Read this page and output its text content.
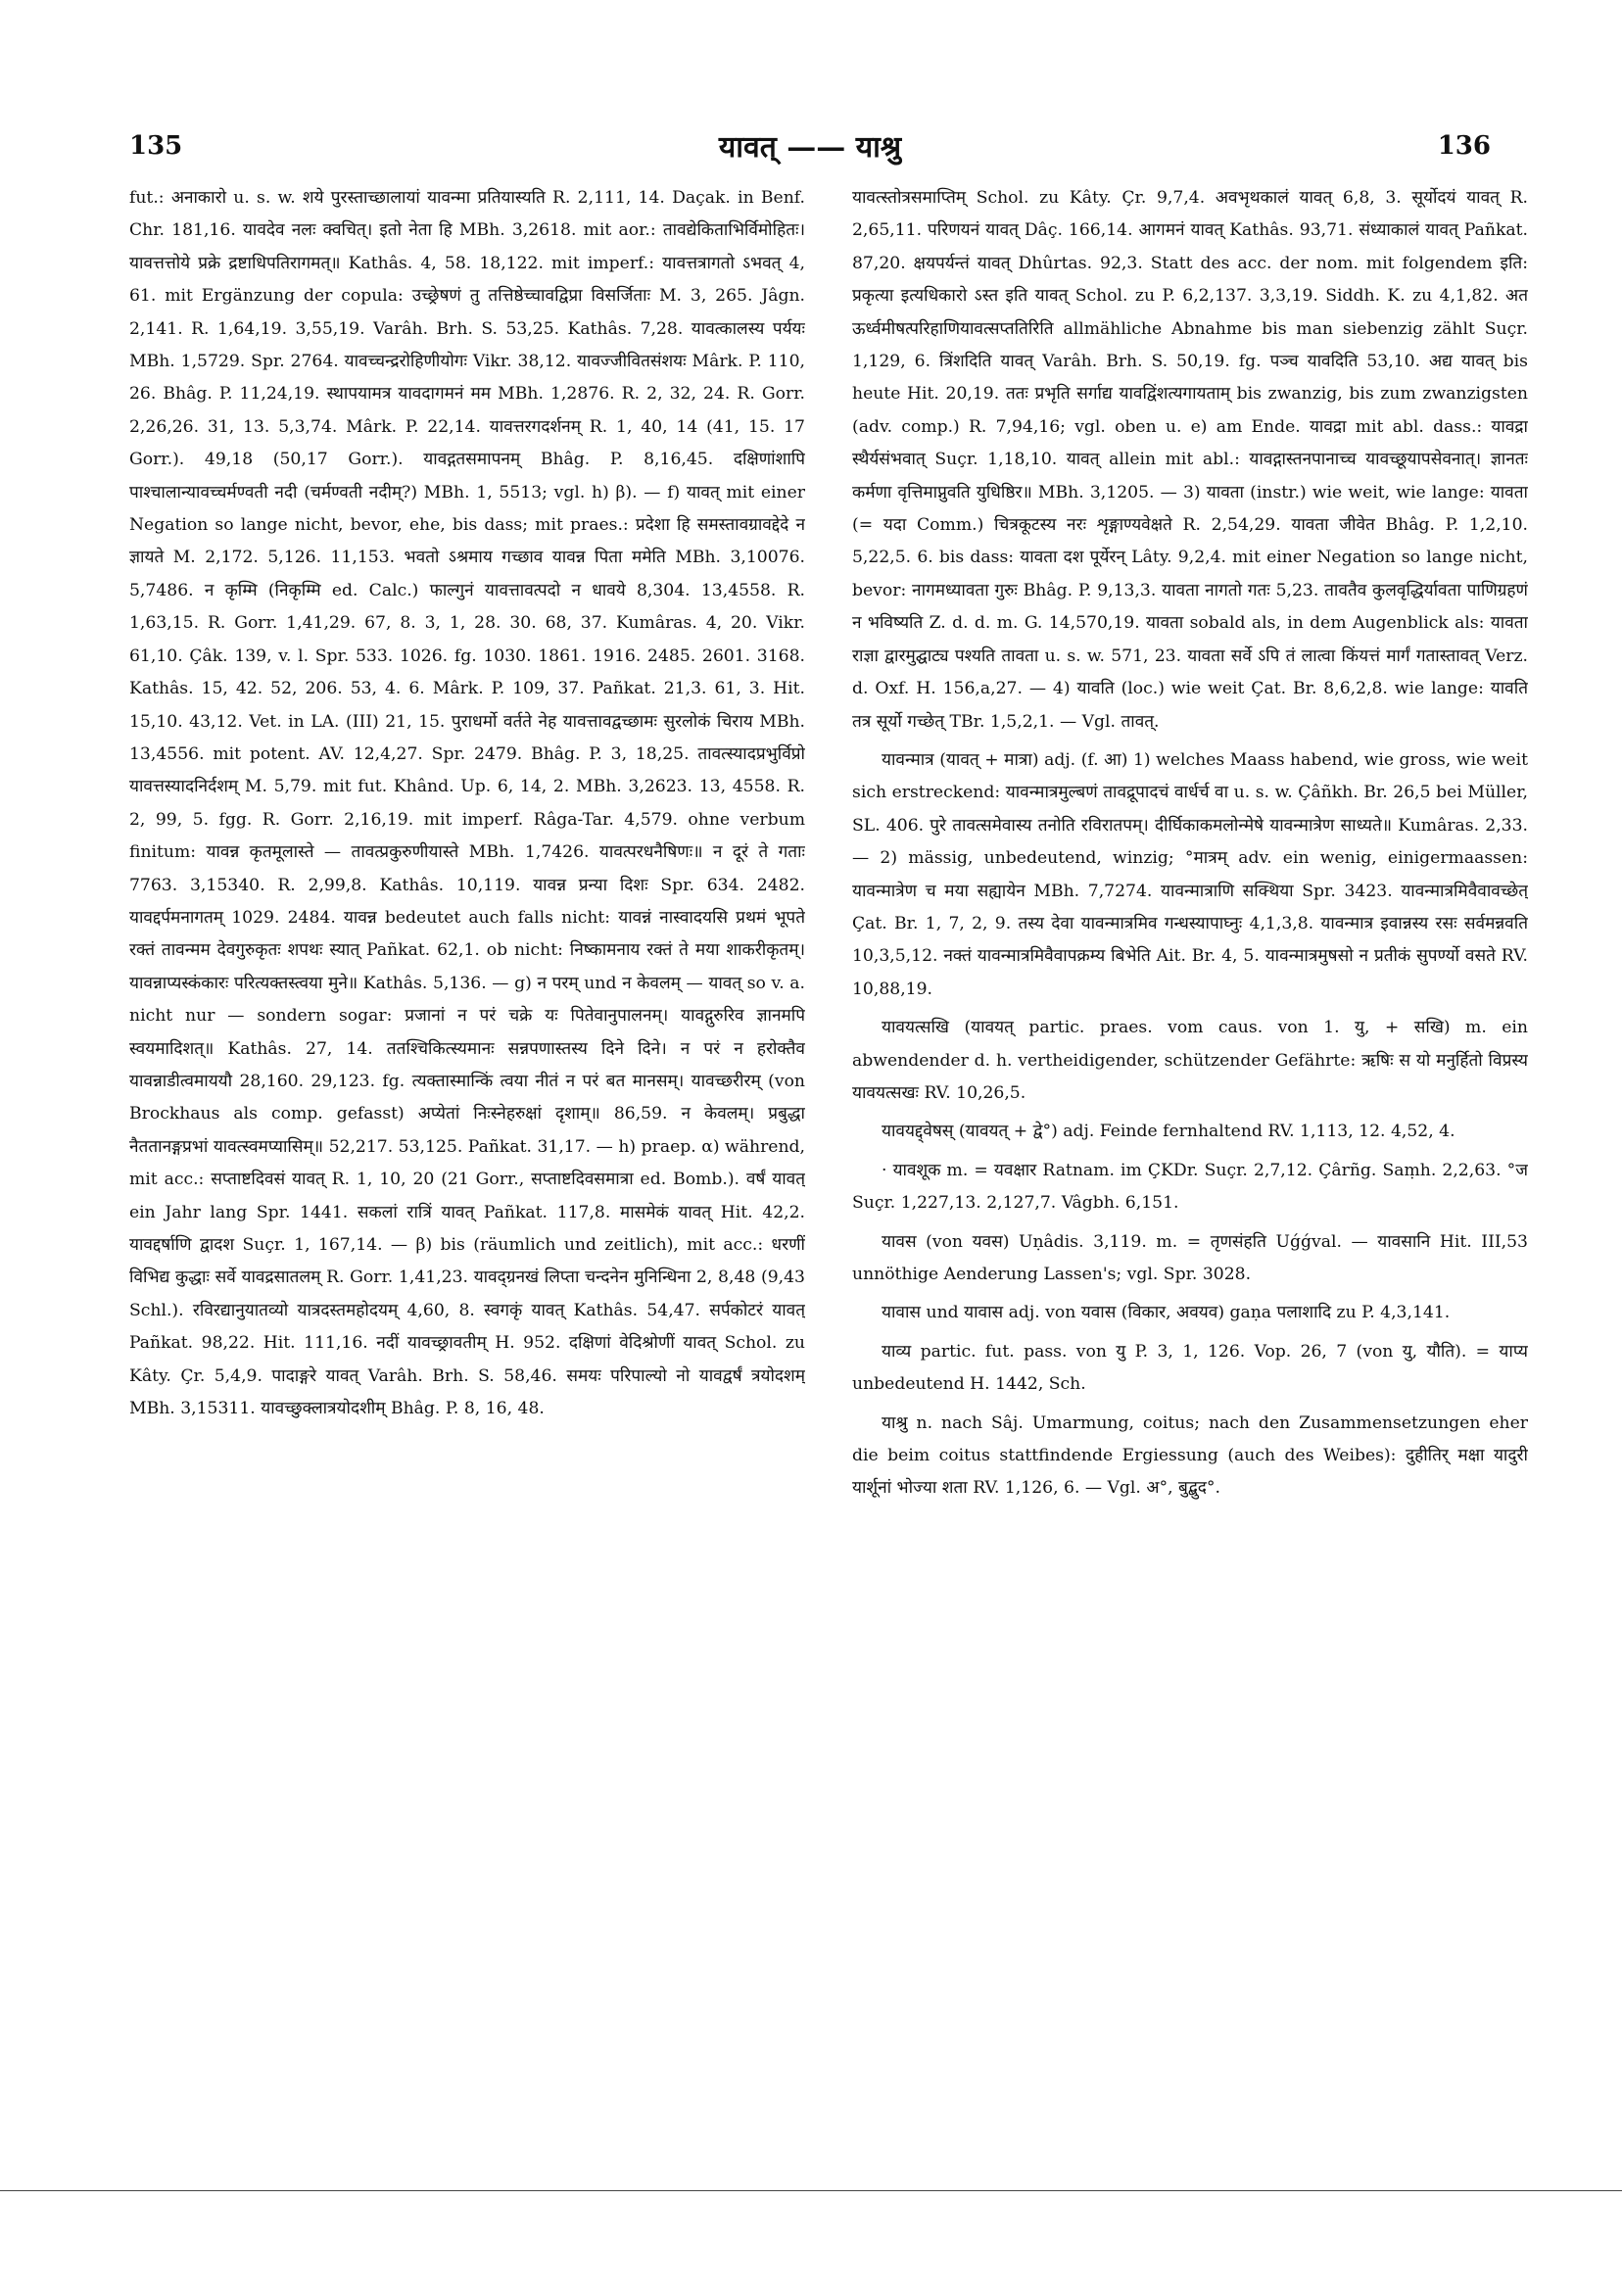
135	यावत् —— याश्रु	136

fut.: अनाकारो u. s. w. शये पुरस्ताच्छालायां यावन्मा प्रतियास्यति R. 2,111, 14. Daçak. in Benf. Chr. 181,16. यावदेव नलः क्वचित्। इतो नेता हि MBh. 3,2618. mit aor.: तावद्येकिताभिर्विमोहितः। यावत्तत्तोये प्रक्रे द्रष्टाधिपतिरागमत्॥ Kathâs. 4, 58. 18,122. mit imperf.: यावत्तत्रागतो ऽभवत् 4, 61. mit Ergänzung der copula: उच्छ्रेषणं तु तत्तिष्ठेच्चावद्विप्रा विसर्जिताः M. 3, 265. Jâgn. 2,141. R. 1,64,19. 3,55,19. Varâh. Brh. S. 53,25. Kathâs. 7,28. यावत्कालस्य पर्ययः MBh. 1,5729. Spr. 2764. यावच्चन्द्ररोहिणीयोगः Vikr. 38,12. यावज्जीवितसंशयः Mârk. P. 110, 26. Bhâg. P. 11,24,19. स्थापयामत्र यावदागमनं मम MBh. 1,2876. R. 2, 32, 24. R. Gorr. 2,26,26. 31, 13. 5,3,74. Mârk. P. 22,14. यावत्तरगदर्शनम् R. 1, 40, 14 (41, 15. 17 Gorr.). 49,18 (50,17 Gorr.). यावद्गतसमापनम् Bhâg. P. 8,16,45. दक्षिणांशापि पाश्चालान्यावच्चर्मण्वती नदी (चर्मण्वती नदीम्?) MBh. 1, 5513; vgl. h) β). — f) यावत् mit einer Negation so lange nicht, bevor, ehe, bis dass; mit praes.: प्रदेशा हि समस्तावग्रावद्देदे न ज्ञायते M. 2,172. 5,126. 11,153. भवतो ऽश्रमाय गच्छाव यावन्न पिता ममेति MBh. 3,10076. 5,7486. न कृम्मि (निकृम्मि ed. Calc.) फाल्गुनं यावत्तावत्पदो न धावये 8,304. 13,4558. R. 1,63,15. R. Gorr. 1,41,29. 67, 8. 3, 1, 28. 30. 68, 37. Kumâras. 4, 20. Vikr. 61,10. Çâk. 139, v. l. Spr. 533. 1026. fg. 1030. 1861. 1916. 2485. 2601. 3168. Kathâs. 15, 42. 52, 206. 53, 4. 6. Mârk. P. 109, 37. Pañkat. 21,3. 61, 3. Hit. 15,10. 43,12. Vet. in LA. (III) 21, 15. पुराधर्मो वर्तते नेह यावत्तावद्वच्छामः सुरलोकं चिराय MBh. 13,4556. mit potent. AV. 12,4,27. Spr. 2479. Bhâg. P. 3, 18,25. तावत्स्यादप्रभुर्विप्रो यावत्तस्यादनिर्दशम् M. 5,79. mit fut. Khând. Up. 6, 14, 2. MBh. 3,2623. 13, 4558. R. 2, 99, 5. fgg. R. Gorr. 2,16,19. mit imperf. Râga-Tar. 4,579. ohne verbum finitum: यावन्न कृतमूलास्ते — तावत्प्रकुरुणीयास्ते MBh. 1,7426. यावत्परधनैषिणः॥ न दूरं ते गताः 7763. 3,15340. R. 2,99,8. Kathâs. 10,119. यावन्न प्रन्या दिशः Spr. 634. 2482. यावद्दर्पमनागतम् 1029. 2484. यावन्न bedeutet auch falls nicht: यावन्नं नास्वादयसि प्रथमं भूपते रक्तं तावन्मम देवगुरुकृतः शपथः स्यात् Pañkat. 62,1. ob nicht: निष्कामनाय रक्तं ते मया शाकरीकृतम्। यावन्नाप्यस्कंकारः परित्यक्तस्त्वया मुने॥ Kathâs. 5,136. — g) न परम् und न केवलम् — यावत् so v. a. nicht nur — sondern sogar: प्रजानां न परं चक्रे यः पितेवानुपालनम्। यावद्गुरुरिव ज्ञानमपि स्वयमादिशत्॥ Kathâs. 27, 14. ततश्चिकित्स्यमानः सन्नपणास्तस्य दिने दिने। न परं न हरोक्तैव यावन्नाडीत्वमाययौ 28,160. 29,123. fg. त्यक्तास्मान्किं त्वया नीतं न परं बत मानसम्। यावच्छरीरम् (von Brockhaus als comp. gefasst) अप्येतां निःस्नेहरुक्षां दृशाम्॥ 86,59. न केवलम्। प्रबुद्धा नैततानङ्गप्रभां यावत्स्वमप्यासिम्॥ 52,217. 53,125. Pañkat. 31,17. — h) praep. α) während, mit acc.: सप्ताष्टदिवसं यावत् R. 1, 10, 20 (21 Gorr., सप्ताष्टदिवसमात्रा ed. Bomb.). वर्षं यावत् ein Jahr lang Spr. 1441. सकलां रात्रिं यावत् Pañkat. 117,8. मासमेकं यावत् Hit. 42,2. यावद्दर्षाणि द्वादश Suçr. 1, 167,14. — β) bis (räumlich und zeitlich), mit acc.: धरणीं विभिद्य कुद्धाः सर्वे यावद्रसातलम् R. Gorr. 1,41,23. यावद्ग्रनखं लिप्ता चन्दनेन मुनिन्धिना 2, 8,48 (9,43 Schl.). रविरद्यानुयातव्यो यात्रदस्तमहोदयम् 4,60, 8. स्वगकृं यावत् Kathâs. 54,47. सर्पकोटरं यावत् Pañkat. 98,22. Hit. 111,16. नदीं यावच्छ्रावतीम् H. 952. दक्षिणां वेदिश्रोणीं यावत् Schol. zu Kâty. Çr. 5,4,9. पादाङ्गरे यावत् Varâh. Brh. S. 58,46. समयः परिपाल्यो नो यावद्वर्षं त्रयोदशम् MBh. 3,15311. यावच्छुक्लात्रयोदशीम् Bhâg. P. 8, 16, 48.

यावत्स्तोत्रसमाप्तिम् Schol. zu Kâty. Çr. 9,7,4. अवभृथकालं यावत् 6,8, 3. सूर्योदयं यावत् R. 2,65,11. परिणयनं यावत् Dâç. 166,14. आगमनं यावत् Kathâs. 93,71. संध्याकालं यावत् Pañkat. 87,20. क्षयपर्यन्तं यावत् Dhûrtas. 92,3. Statt des acc. der nom. mit folgendem इति: प्रकृत्या इत्यधिकारो ऽस्त इति यावत् Schol. zu P. 6,2,137. 3,3,19. Siddh. K. zu 4,1,82. अत ऊर्ध्वमीषत्परिहाणियावत्सप्ततिरिति allmähliche Abnahme bis man siebenzig zählt Suçr. 1,129, 6. त्रिंशदिति यावत् Varâh. Brh. S. 50,19. fg. पञ्च यावदिति 53,10. अद्य यावत् bis heute Hit. 20,19. ततः प्रभृति सर्गाद्य यावद्विंशत्यगायताम् bis zwanzig, bis zum zwanzigsten (adv. comp.) R. 7,94,16; vgl. oben u. e) am Ende. यावद्रा mit abl. dass.: यावद्रा स्थैर्यसंभवात् Suçr. 1,18,10. यावत् allein mit abl.: यावद्गास्तनपानाच्च यावच्छूयापसेवनात्। ज्ञानतः कर्मणा वृत्तिमाप्नुवति युधिष्ठिर॥ MBh. 3,1205. — 3) यावता (instr.) wie weit, wie lange: यावता (= यदा Comm.) चित्रकूटस्य नरः शृङ्गाण्यवेक्षते R. 2,54,29. यावता जीवेत Bhâg. P. 1,2,10. 5,22,5. 6. bis dass: यावता दश पूर्येरन् Lâty. 9,2,4. mit einer Negation so lange nicht, bevor: नागमध्यावता गुरुः Bhâg. P. 9,13,3. यावता नागतो गतः 5,23. तावतैव कुलवृद्धिर्यावता पाणिग्रहणं न भविष्यति Z. d. d. m. G. 14,570,19. यावता sobald als, in dem Augenblick als: यावता राज्ञा द्वारमुद्घाट्य पश्यति तावता u. s. w. 571, 23. यावता सर्वे ऽपि तं लात्वा किंयत्तं मार्गं गतास्तावत् Verz. d. Oxf. H. 156,a,27. — 4) यावति (loc.) wie weit Çat. Br. 8,6,2,8. wie lange: यावति तत्र सूर्यो गच्छेत् TBr. 1,5,2,1. — Vgl. तावत्.

यावन्मात्र (यावत् + मात्रा) adj. (f. आ) 1) welches Maass habend, wie gross, wie weit sich erstreckend: यावन्मात्रमुल्बणं तावद्रूपादचं वार्धर्च वा u. s. w. Çâñkh. Br. 26,5 bei Müller, SL. 406. पुरे तावत्समेवास्य तनोति रविरातपम्। दीर्घिकाकमलोन्मेषे यावन्मात्रेण साध्यते॥ Kumâras. 2,33. — 2) mässig, unbedeutend, winzig; °मात्रम् adv. ein wenig, einigermaassen: यावन्मात्रेण च मया सह्यायेन MBh. 7,7274. यावन्मात्राणि सक्थिया Spr. 3423. यावन्मात्रमिवैवावच्छेत् Çat. Br. 1, 7, 2, 9. तस्य देवा यावन्मात्रमिव गन्धस्यापाघ्नुः 4,1,3,8. यावन्मात्र इवान्नस्य रसः सर्वमन्नवति 10,3,5,12. नक्तं यावन्मात्रमिवैवापक्रम्य बिभेति Ait. Br. 4, 5. यावन्मात्रमुषसो न प्रतीकं सुपर्ण्यो वसते RV. 10,88,19.

यावयत्सखि (यावयत् partic. praes. vom caus. von 1. यु, + सखि) m. ein abwendender d. h. vertheidigender, schützender Gefährte: ऋषिः स यो मनुर्हितो विप्रस्य यावयत्सखः RV. 10,26,5.

यावयद्द्वेषस् (यावयत् + द्वे°) adj. Feinde fernhaltend RV. 1,113, 12. 4,52, 4.

· यावशूक m. = यवक्षार Ratnam. im ÇKDr. Suçr. 2,7,12. Çârñg. Saṃh. 2,2,63. °ज Suçr. 1,227,13. 2,127,7. Vâgbh. 6,151.

यावस (von यवस) Uṇâdis. 3,119. m. = तृणसंहति Uǵǵval. — यावसानि Hit. III,53 unnöthige Aenderung Lassen's; vgl. Spr. 3028.

यावास und यावास adj. von यवास (विकार, अवयव) gaṇa पलाशादि zu P. 4,3,141.

याव्य partic. fut. pass. von यु P. 3, 1, 126. Vop. 26, 7 (von यु, यौति). = याप्य unbedeutend H. 1442, Sch.

याश्रु n. nach Sâj. Umarmung, coitus; nach den Zusammensetzungen eher die beim coitus stattfindende Ergiessung (auch des Weibes): दुहीतिर् मक्षा यादुरी यार्शूनां भोज्या शता RV. 1,126, 6. — Vgl. अ°, बुद्बुद°.
